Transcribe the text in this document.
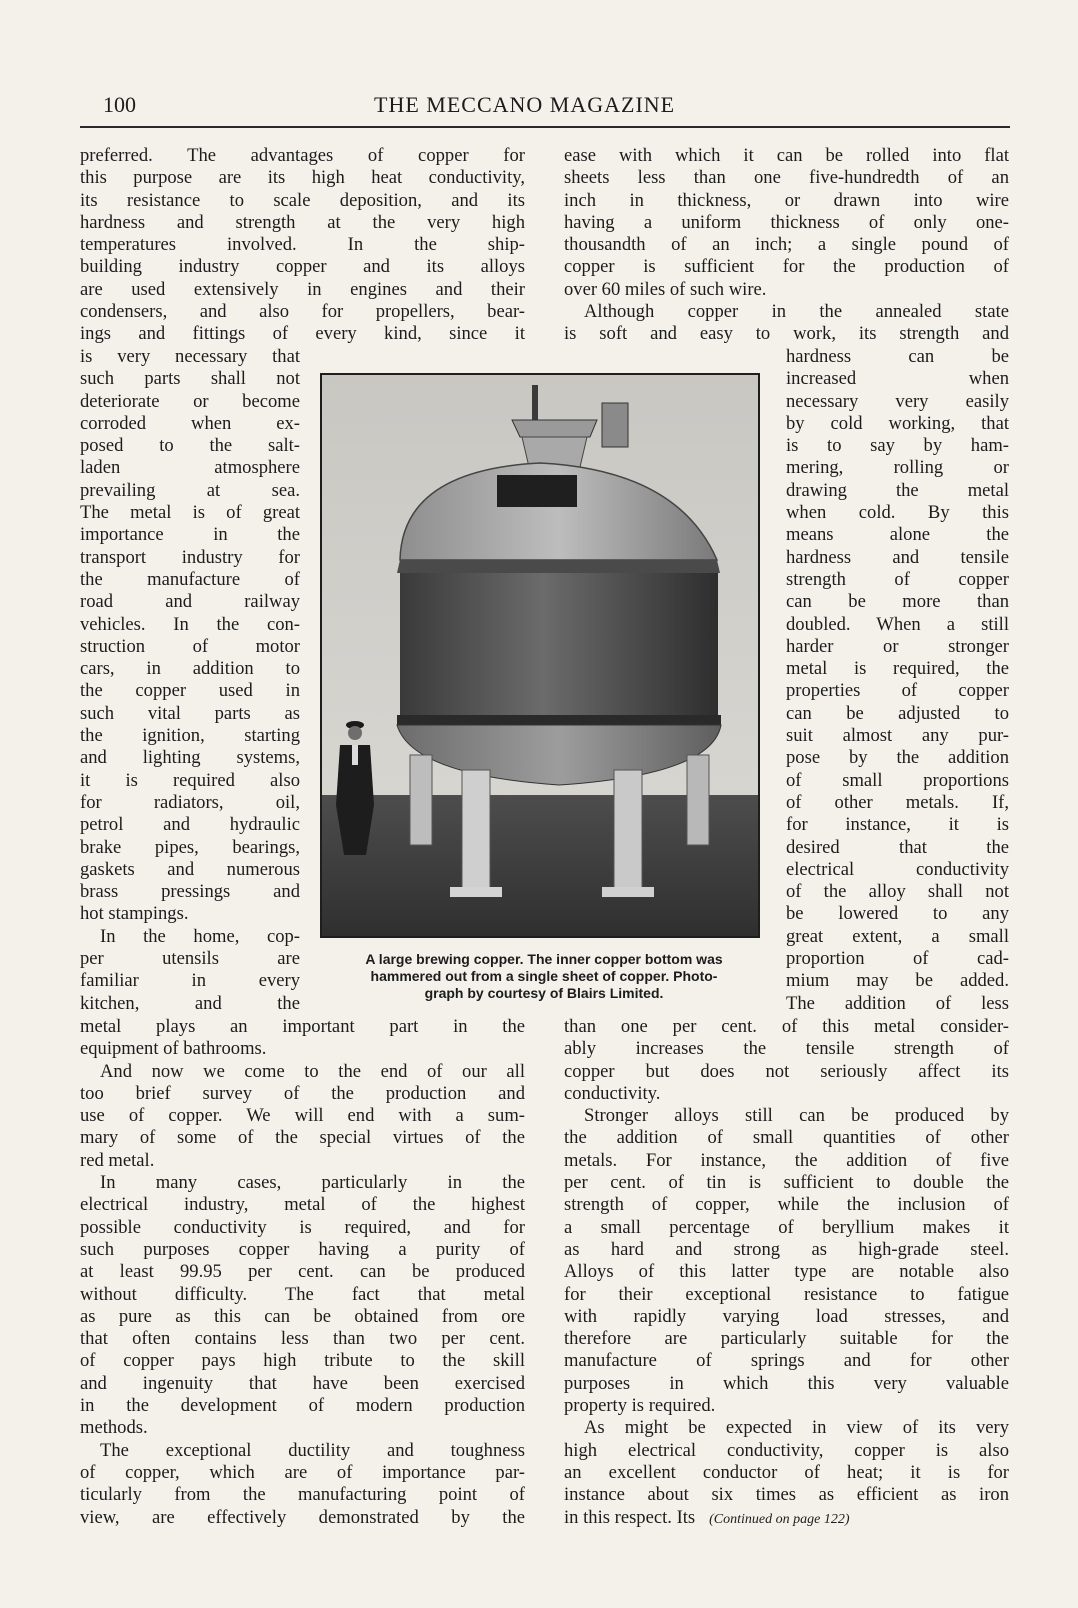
100	THE MECCANO MAGAZINE
preferred. The advantages of copper for
this purpose are its high heat conductivity,
its resistance to scale deposition, and its
hardness and strength at the very high
temperatures involved. In the ship-
building industry copper and its alloys
are used extensively in engines and their
condensers, and also for propellers, bear-
ings and fittings of every kind, since it
is very necessary that
such parts shall not
deteriorate or become
corroded when ex-
posed to the salt-
laden atmosphere
prevailing at sea.
The metal is of great
importance in the
transport industry for
the manufacture of
road and railway
vehicles. In the con-
struction of motor
cars, in addition to
the copper used in
such vital parts as
the ignition, starting
and lighting systems,
it is required also
for radiators, oil,
petrol and hydraulic
brake pipes, bearings,
gaskets and numerous
brass pressings and
hot stampings.
In the home, cop-
per utensils are
familiar in every
kitchen, and the
metal plays an important part in the
equipment of bathrooms.
And now we come to the end of our all
too brief survey of the production and
use of copper. We will end with a sum-
mary of some of the special virtues of the
red metal.
In many cases, particularly in the
electrical industry, metal of the highest
possible conductivity is required, and for
such purposes copper having a purity of
at least 99.95 per cent. can be produced
without difficulty. The fact that metal
as pure as this can be obtained from ore
that often contains less than two per cent.
of copper pays high tribute to the skill
and ingenuity that have been exercised
in the development of modern production
methods.
The exceptional ductility and toughness
of copper, which are of importance par-
ticularly from the manufacturing point of
view, are effectively demonstrated by the
ease with which it can be rolled into flat
sheets less than one five-hundredth of an
inch in thickness, or drawn into wire
having a uniform thickness of only one-
thousandth of an inch; a single pound of
copper is sufficient for the production of
over 60 miles of such wire.
Although copper in the annealed state
is soft and easy to work, its strength and
hardness can be
increased when
necessary very easily
by cold working, that
is to say by ham-
mering, rolling or
drawing the metal
when cold. By this
means alone the
hardness and tensile
strength of copper
can be more than
doubled. When a still
harder or stronger
metal is required, the
properties of copper
can be adjusted to
suit almost any pur-
pose by the addition
of small proportions
of other metals. If,
for instance, it is
desired that the
electrical conductivity
of the alloy shall not
be lowered to any
great extent, a small
proportion of cad-
mium may be added.
The addition of less
than one per cent. of this metal consider-
ably increases the tensile strength of
copper but does not seriously affect its
conductivity.
Stronger alloys still can be produced by
the addition of small quantities of other
metals. For instance, the addition of five
per cent. of tin is sufficient to double the
strength of copper, while the inclusion of
a small percentage of beryllium makes it
as hard and strong as high-grade steel.
Alloys of this latter type are notable also
for their exceptional resistance to fatigue
with rapidly varying load stresses, and
therefore are particularly suitable for the
manufacture of springs and for other
purposes in which this very valuable
property is required.
As might be expected in view of its very
high electrical conductivity, copper is also
an excellent conductor of heat; it is for
instance about six times as efficient as iron
in this respect. Its (Continued on page 122)
A large brewing copper. The inner copper bottom was
hammered out from a single sheet of copper. Photo-
graph by courtesy of Blairs Limited.
